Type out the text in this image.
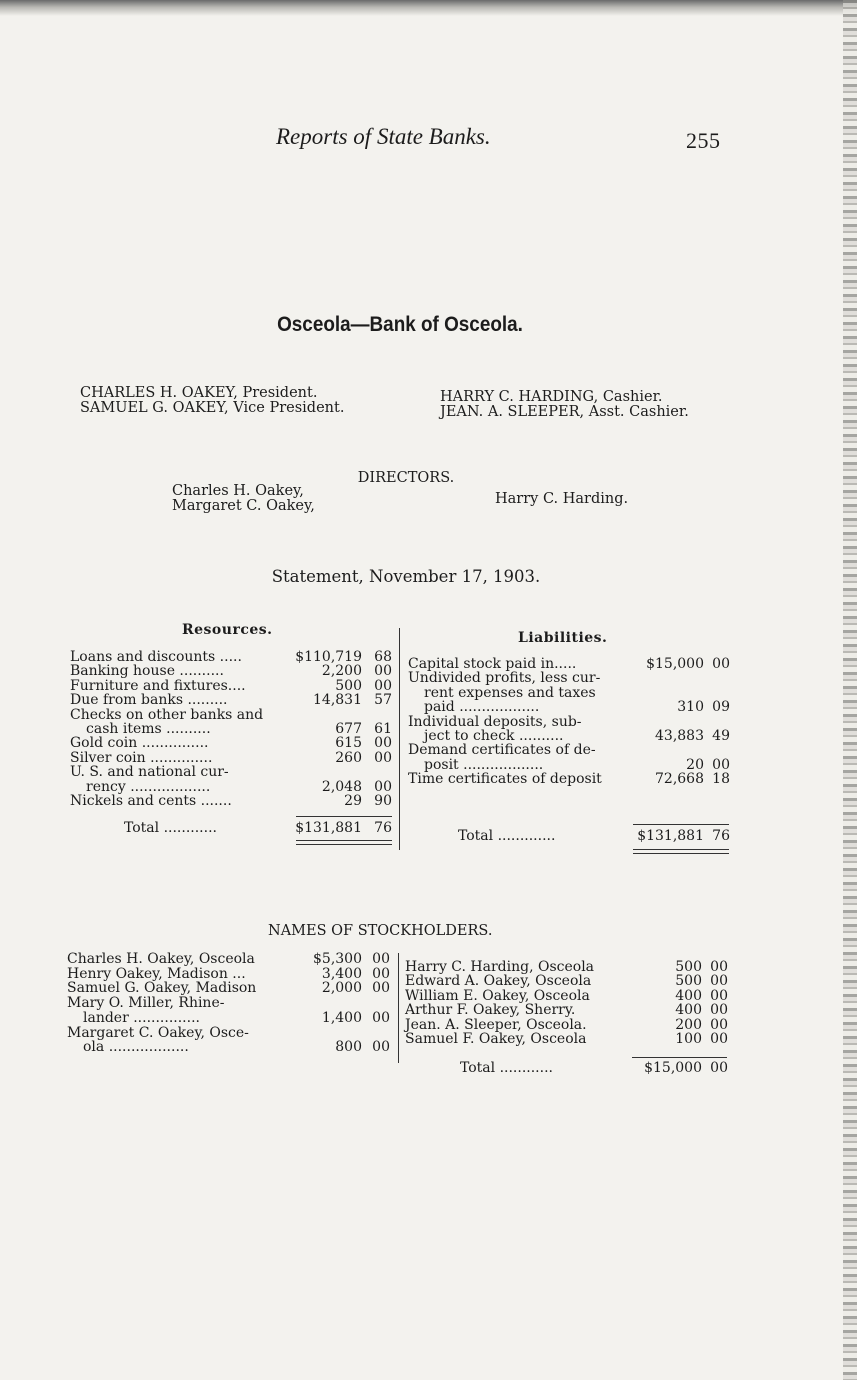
Reports of State Banks.	255
Osceola—Bank of Osceola.
CHARLES H. OAKEY, President.
SAMUEL G. OAKEY, Vice President.
HARRY C. HARDING, Cashier.
JEAN. A. SLEEPER, Asst. Cashier.
DIRECTORS.
Charles H. Oakey,
Margaret C. Oakey,	Harry C. Harding.
Statement, November 17, 1903.
Resources.	Liabilities.
Loans and discounts .....	$110,719 68
Banking house ..........	2,200 00
Furniture and fixtures....	500 00
Due from banks .........	14,831 57
Checks on other banks and
cash items ..........	677 61
Gold coin ...............	615 00
Silver coin ..............	260 00
U. S. and national cur-
rency ..................	2,048 00
Nickels and cents .......	29 90
Capital stock paid in.....	$15,000 00
Undivided profits, less cur-
rent expenses and taxes
paid ..................	310 09
Individual deposits, sub-
ject to check ..........	43,883 49
Demand certificates of de-
posit ..................	20 00
Time certificates of deposit	72,668 18
Total ............	$131,881 76	Total .............	$131,881 76
NAMES OF STOCKHOLDERS.
Charles H. Oakey, Osceola	$5,300 00
Henry Oakey, Madison ...	3,400 00
Samuel G. Oakey, Madison	2,000 00
Mary O. Miller, Rhine-
lander ...............	1,400 00
Margaret C. Oakey, Osce-
ola ..................	800 00
Harry C. Harding, Osceola	500 00
Edward A. Oakey, Osceola	500 00
William E. Oakey, Osceola	400 00
Arthur F. Oakey, Sherry.	400 00
Jean. A. Sleeper, Osceola.	200 00
Samuel F. Oakey, Osceola	100 00
Total ............	$15,000 00
